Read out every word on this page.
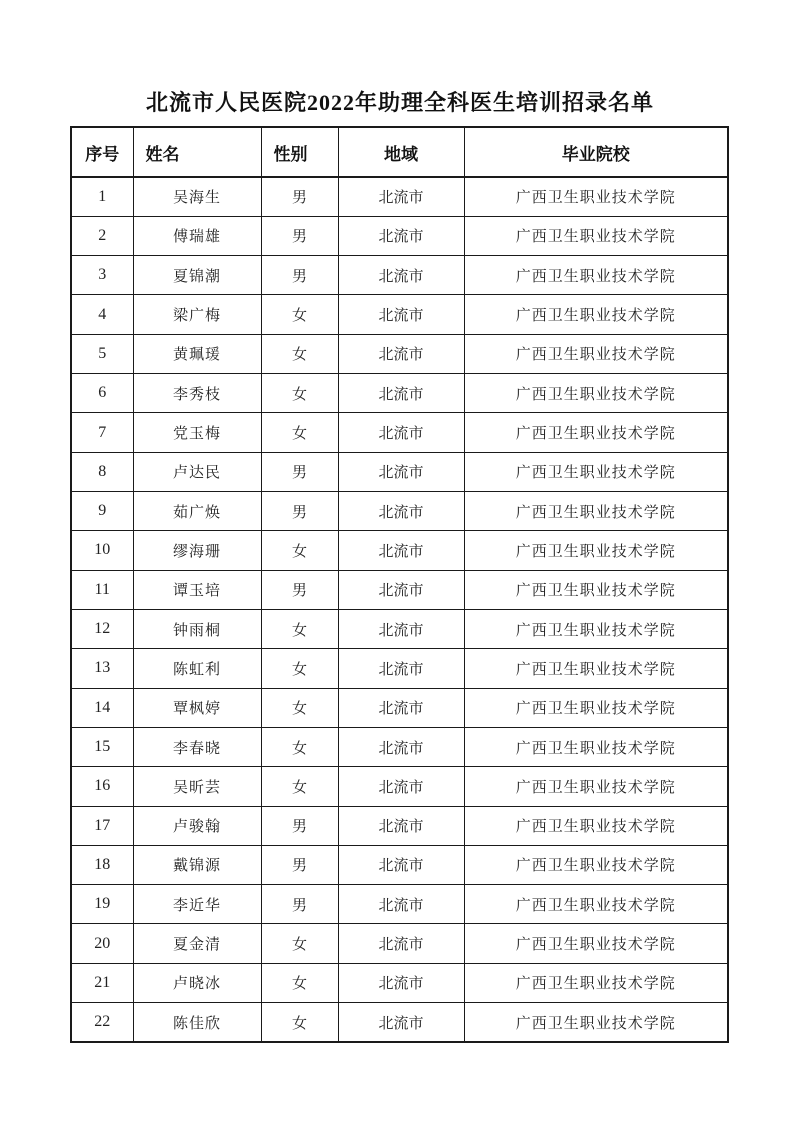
北流市人民医院2022年助理全科医生培训招录名单
序号	姓名	性别	地域	毕业院校
1	吴海生	男	北流市	广西卫生职业技术学院
2	傅瑞雄	男	北流市	广西卫生职业技术学院
3	夏锦潮	男	北流市	广西卫生职业技术学院
4	梁广梅	女	北流市	广西卫生职业技术学院
5	黄珮瑗	女	北流市	广西卫生职业技术学院
6	李秀枝	女	北流市	广西卫生职业技术学院
7	党玉梅	女	北流市	广西卫生职业技术学院
8	卢达民	男	北流市	广西卫生职业技术学院
9	茹广焕	男	北流市	广西卫生职业技术学院
10	缪海珊	女	北流市	广西卫生职业技术学院
11	谭玉培	男	北流市	广西卫生职业技术学院
12	钟雨桐	女	北流市	广西卫生职业技术学院
13	陈虹利	女	北流市	广西卫生职业技术学院
14	覃枫婷	女	北流市	广西卫生职业技术学院
15	李春晓	女	北流市	广西卫生职业技术学院
16	吴昕芸	女	北流市	广西卫生职业技术学院
17	卢骏翰	男	北流市	广西卫生职业技术学院
18	戴锦源	男	北流市	广西卫生职业技术学院
19	李近华	男	北流市	广西卫生职业技术学院
20	夏金清	女	北流市	广西卫生职业技术学院
21	卢晓冰	女	北流市	广西卫生职业技术学院
22	陈佳欣	女	北流市	广西卫生职业技术学院
